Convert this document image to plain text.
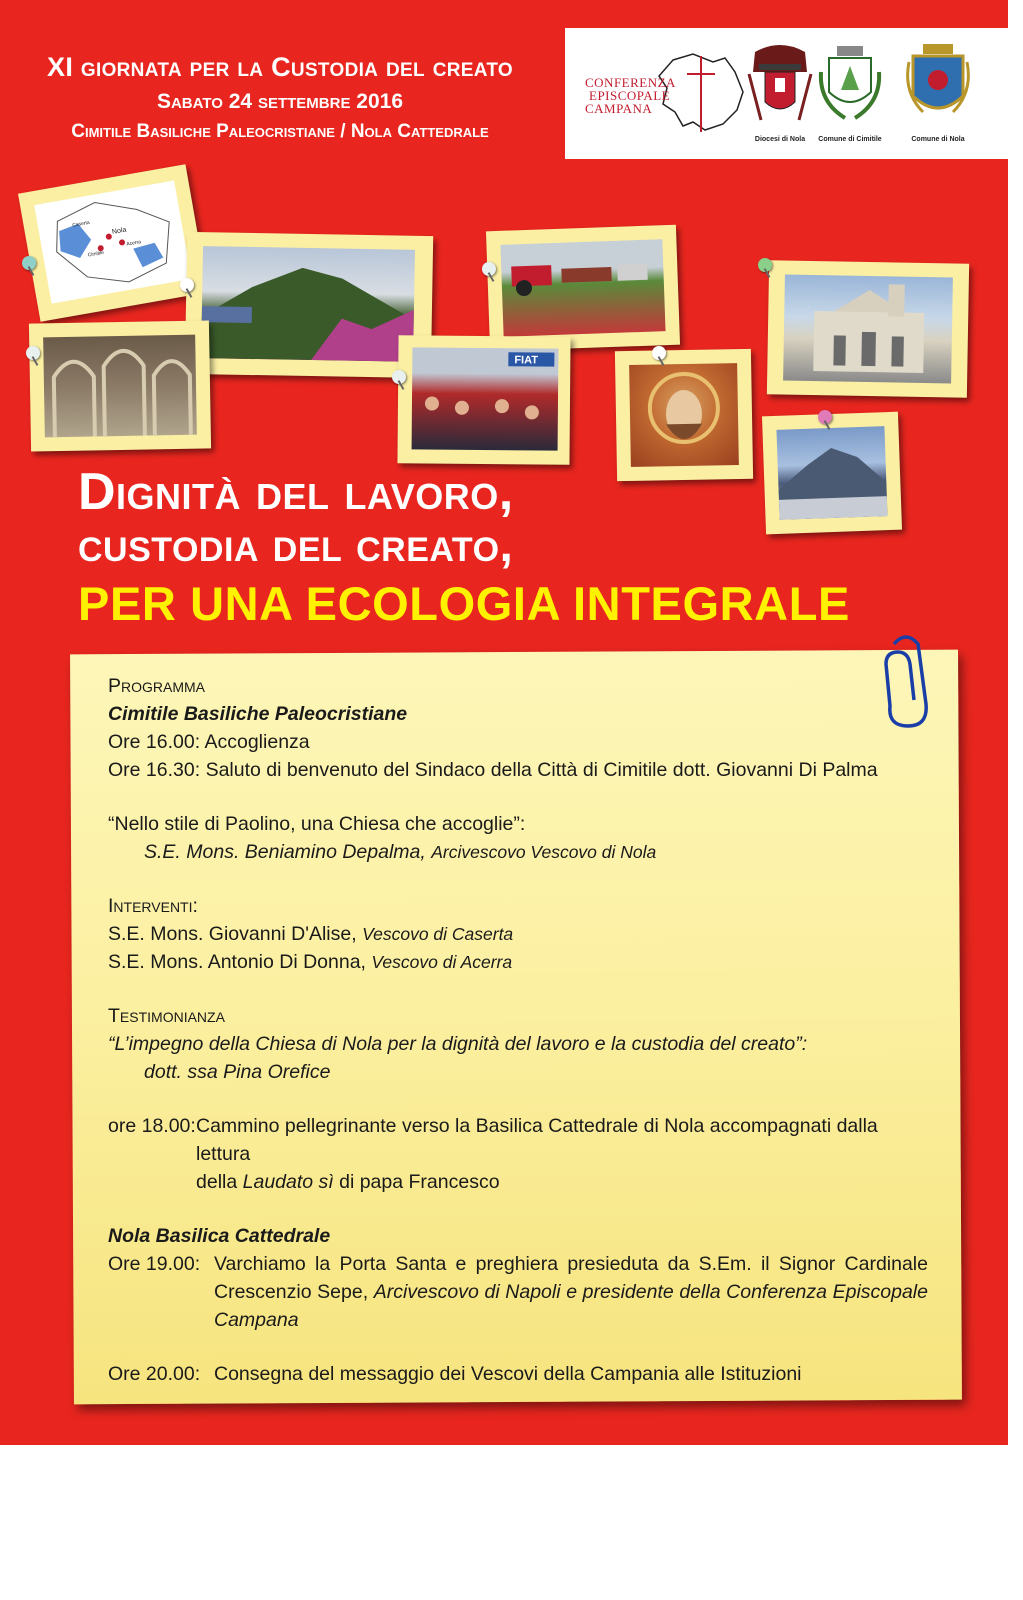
XI giornata per la Custodia del creato
Sabato 24 settembre 2016
Cimitile Basiliche Paleocristiane / Nola Cattedrale
CONFERENZA
EPISCOPALE
CAMPANA
Diocesi di Nola	Comune di Cimitile	Comune di Nola
Nola
Cimitile
Acerra
Caserta
FIAT
Dignità del lavoro,
custodia del creato,
PER UNA ECOLOGIA INTEGRALE
Programma
Cimitile Basiliche Paleocristiane
Ore 16.00: Accoglienza
Ore 16.30: Saluto di benvenuto del Sindaco della Città di Cimitile dott. Giovanni Di Palma
“Nello stile di Paolino, una Chiesa che accoglie”:
S.E. Mons. Beniamino Depalma, Arcivescovo Vescovo di Nola
Interventi:
S.E. Mons. Giovanni D'Alise, Vescovo di Caserta
S.E. Mons. Antonio Di Donna, Vescovo di Acerra
Testimonianza
“L’impegno della Chiesa di Nola per la dignità del lavoro e la custodia del creato”:
dott. ssa Pina Orefice
ore 18.00: Cammino pellegrinante verso la Basilica Cattedrale di Nola accompagnati dalla lettura
della Laudato sì di papa Francesco
Nola Basilica Cattedrale
Ore 19.00: Varchiamo la Porta Santa e preghiera presieduta da S.Em. il Signor Cardinale Crescenzio Sepe, Arcivescovo di Napoli e presidente della Conferenza Episcopale Campana
Ore 20.00: Consegna del messaggio dei Vescovi della Campania alle Istituzioni
